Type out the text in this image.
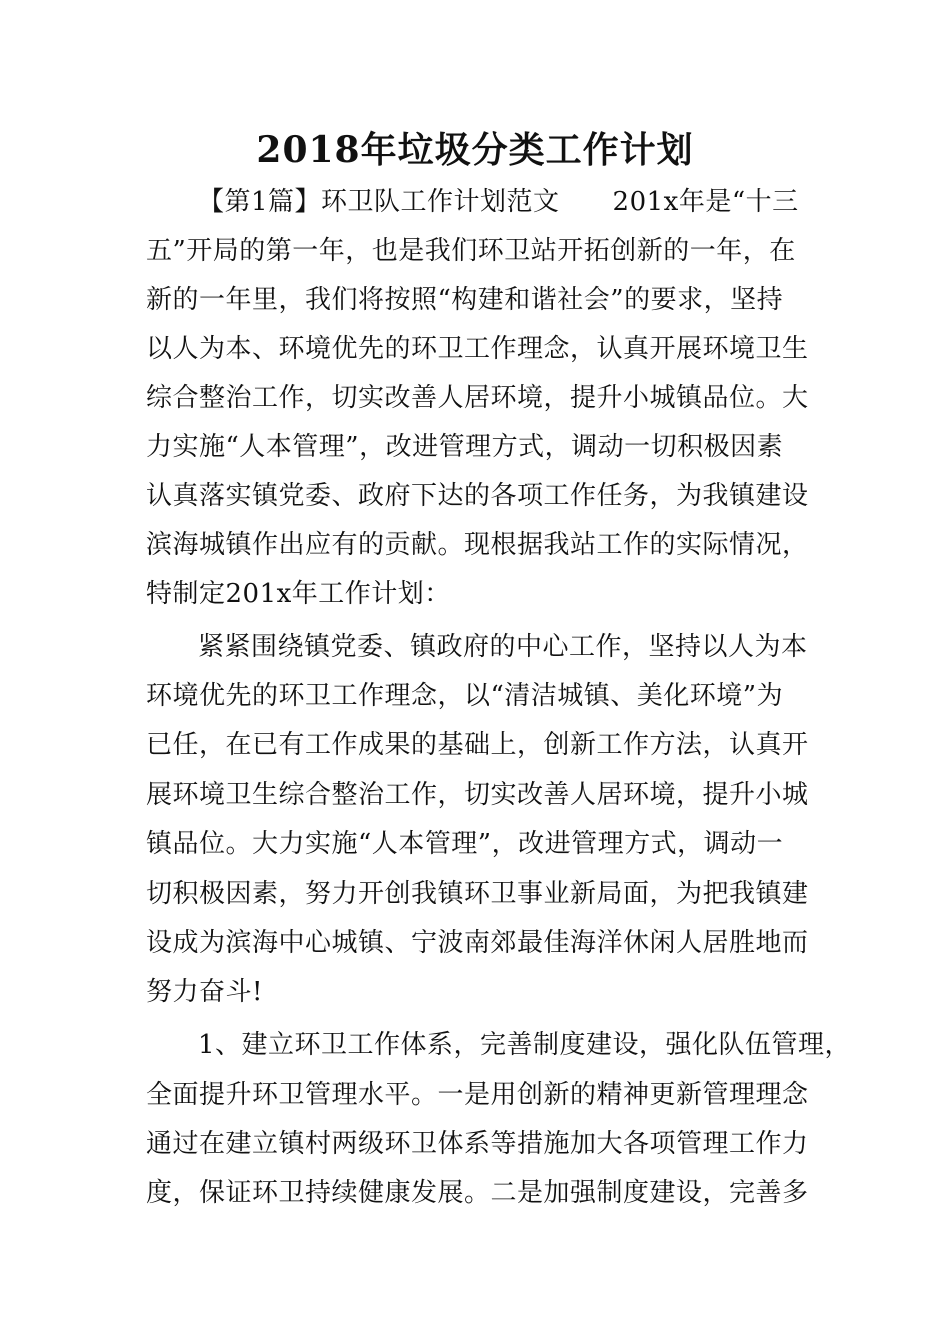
2018年垃圾分类工作计划
【第1篇】环卫队工作计划范文　　201x年是“十三
五”开局的第一年，也是我们环卫站开拓创新的一年，在
新的一年里，我们将按照“构建和谐社会”的要求，坚持
以人为本、环境优先的环卫工作理念，认真开展环境卫生
综合整治工作，切实改善人居环境，提升小城镇品位。大
力实施“人本管理”，改进管理方式，调动一切积极因素
认真落实镇党委、政府下达的各项工作任务，为我镇建设
滨海城镇作出应有的贡献。现根据我站工作的实际情况，
特制定201x年工作计划：
紧紧围绕镇党委、镇政府的中心工作，坚持以人为本
环境优先的环卫工作理念，以“清洁城镇、美化环境”为
已任，在已有工作成果的基础上，创新工作方法，认真开
展环境卫生综合整治工作，切实改善人居环境，提升小城
镇品位。大力实施“人本管理”，改进管理方式，调动一
切积极因素，努力开创我镇环卫事业新局面，为把我镇建
设成为滨海中心城镇、宁波南郊最佳海洋休闲人居胜地而
努力奋斗!
1、建立环卫工作体系，完善制度建设，强化队伍管理，
全面提升环卫管理水平。一是用创新的精神更新管理理念
通过在建立镇村两级环卫体系等措施加大各项管理工作力
度，保证环卫持续健康发展。二是加强制度建设，完善多
